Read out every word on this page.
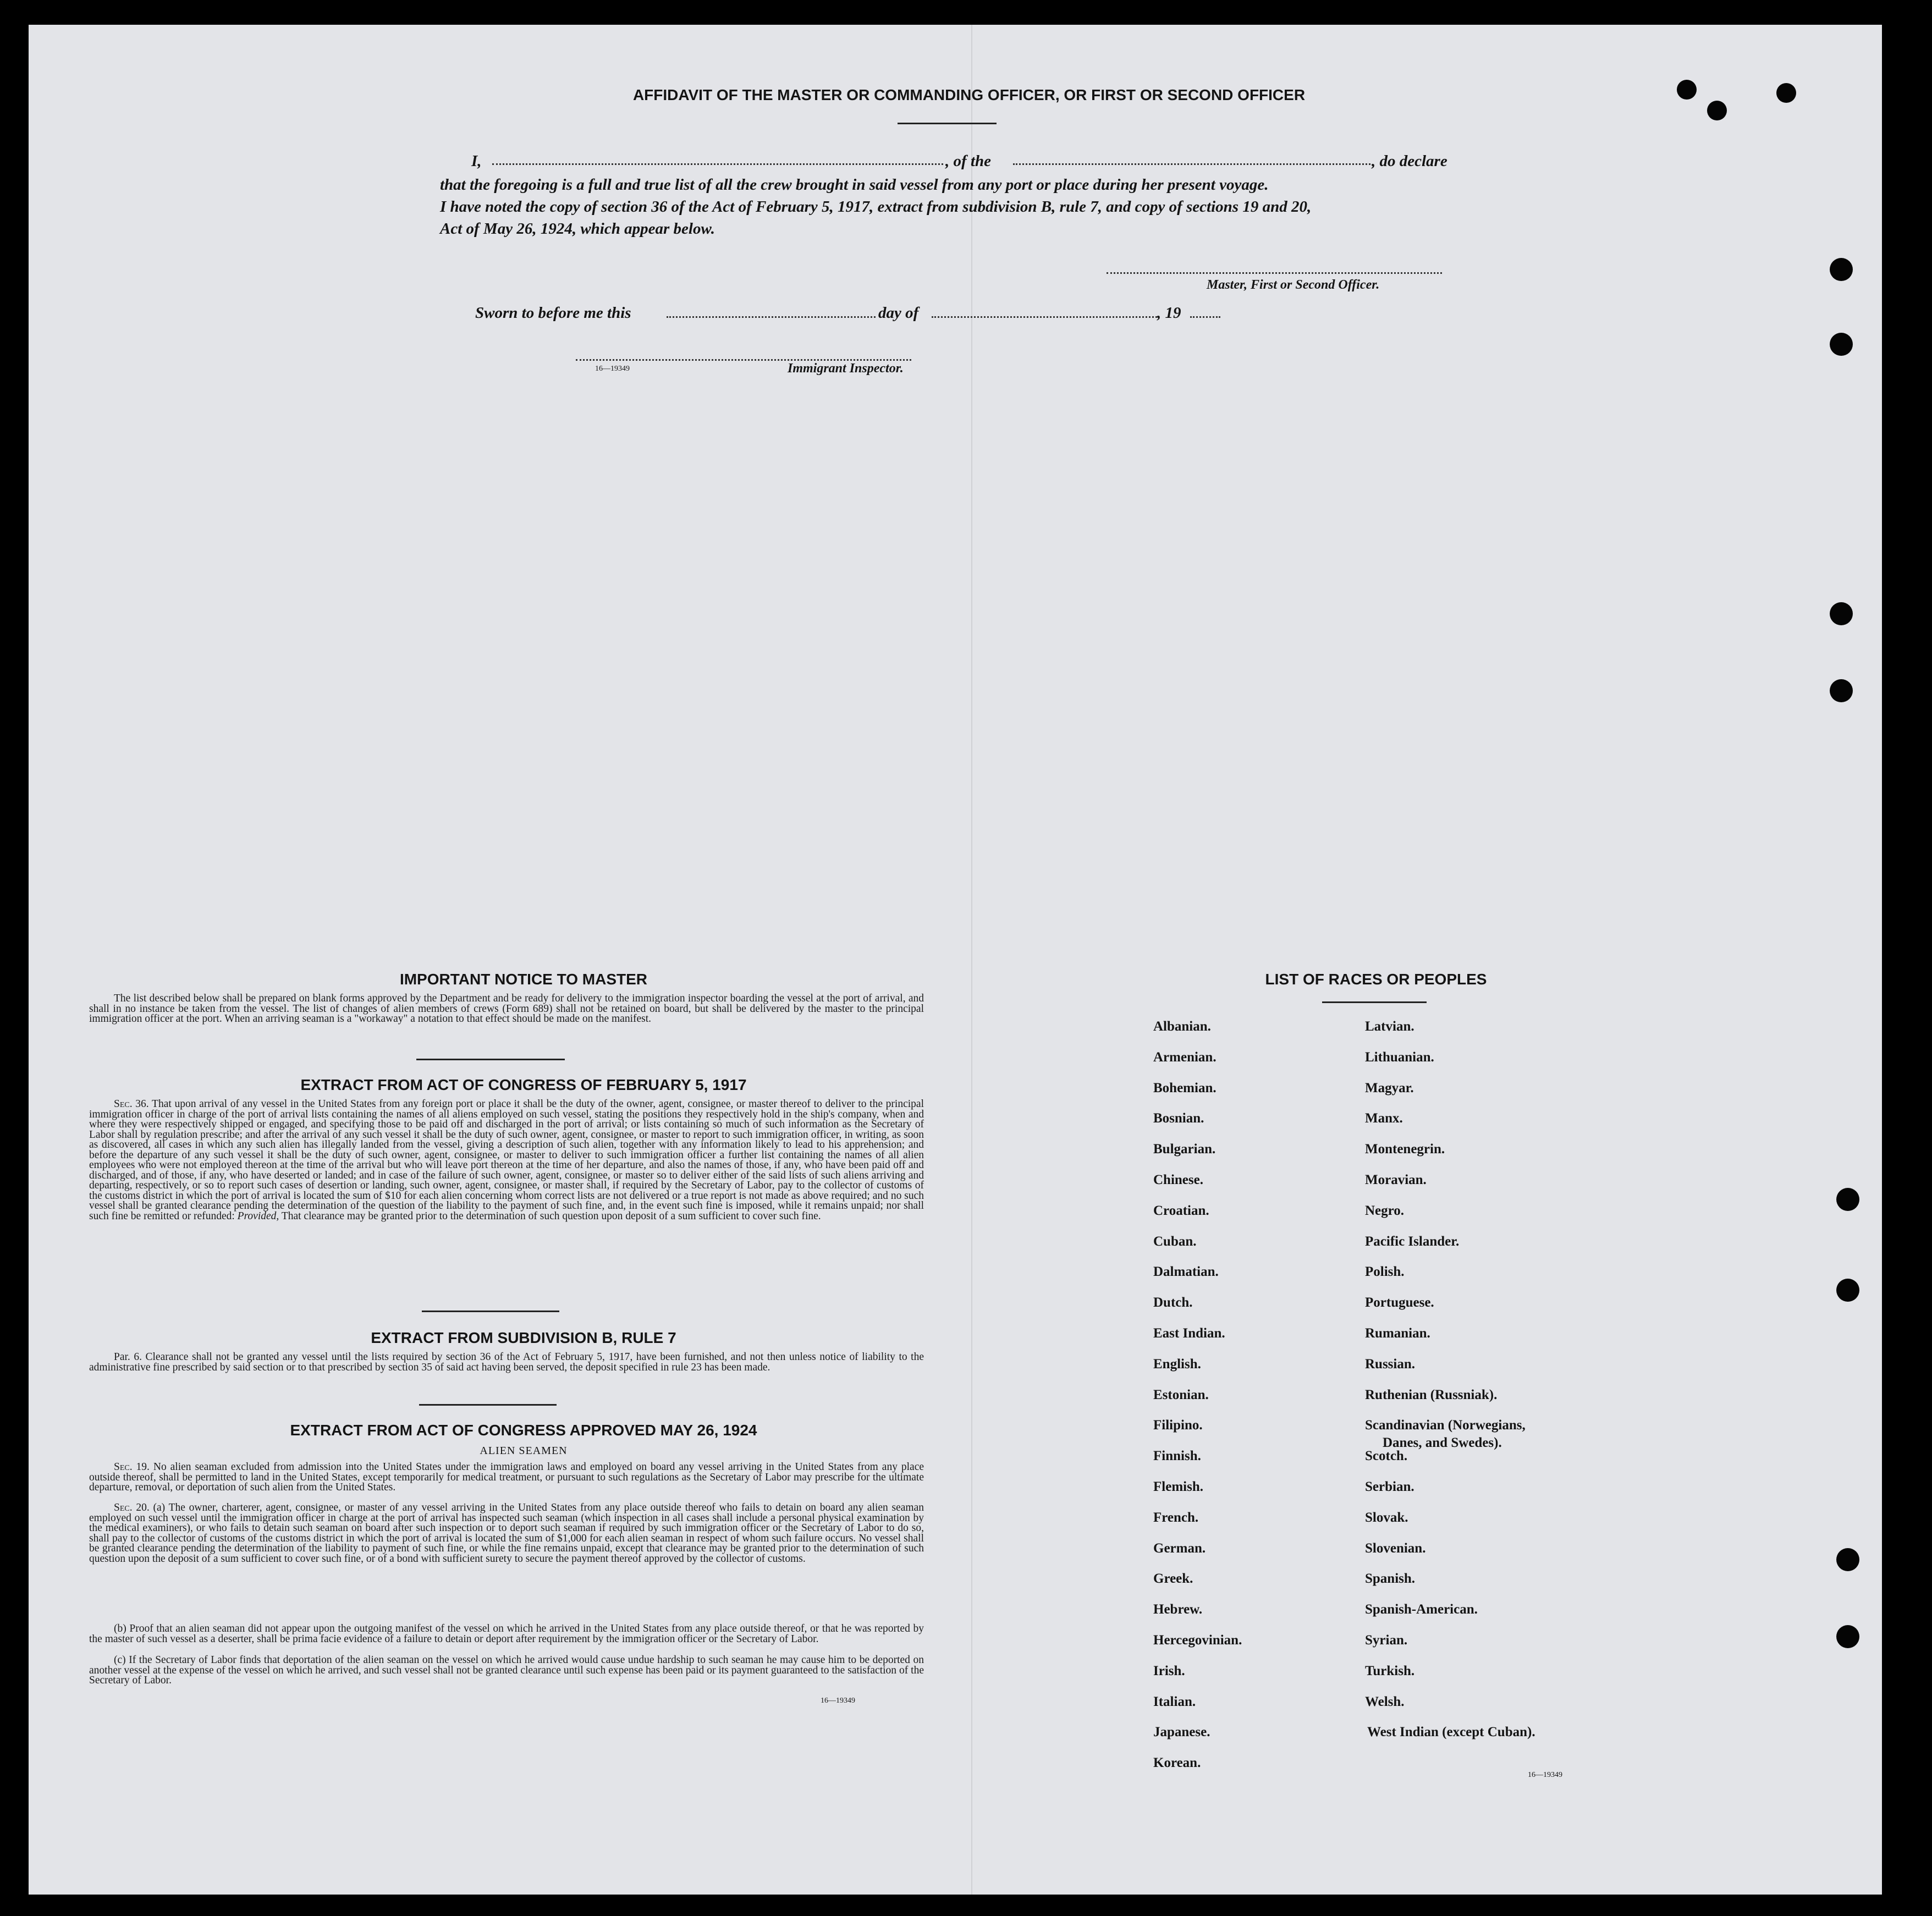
AFFIDAVIT OF THE MASTER OR COMMANDING OFFICER, OR FIRST OR SECOND OFFICER
I,	, of the	, do declare
that the foregoing is a full and true list of all the crew brought in said vessel from any port or place during her present voyage.
I have noted the copy of section 36 of the Act of February 5, 1917, extract from subdivision B, rule 7, and copy of sections 19 and 20,
Act of May 26, 1924, which appear below.
Master, First or Second Officer.
Sworn to before me this	day of	, 19
16—19349	Immigrant Inspector.
IMPORTANT NOTICE TO MASTER
The list described below shall be prepared on blank forms approved by the Department and be ready for delivery to the immigration inspector boarding the vessel at the port of arrival, and shall in no instance be taken from the vessel. The list of changes of alien members of crews (Form 689) shall not be retained on board, but shall be delivered by the master to the principal immigration officer at the port. When an arriving seaman is a "workaway" a notation to that effect should be made on the manifest.
EXTRACT FROM ACT OF CONGRESS OF FEBRUARY 5, 1917
Sec. 36. That upon arrival of any vessel in the United States from any foreign port or place it shall be the duty of the owner, agent, consignee, or master thereof to deliver to the principal immigration officer in charge of the port of arrival lists containing the names of all aliens employed on such vessel, stating the positions they respectively hold in the ship's company, when and where they were respectively shipped or engaged, and specifying those to be paid off and discharged in the port of arrival; or lists containing so much of such information as the Secretary of Labor shall by regulation prescribe; and after the arrival of any such vessel it shall be the duty of such owner, agent, consignee, or master to report to such immigration officer, in writing, as soon as discovered, all cases in which any such alien has illegally landed from the vessel, giving a description of such alien, together with any information likely to lead to his apprehension; and before the departure of any such vessel it shall be the duty of such owner, agent, consignee, or master to deliver to such immigration officer a further list containing the names of all alien employees who were not employed thereon at the time of the arrival but who will leave port thereon at the time of her departure, and also the names of those, if any, who have been paid off and discharged, and of those, if any, who have deserted or landed; and in case of the failure of such owner, agent, consignee, or master so to deliver either of the said lists of such aliens arriving and departing, respectively, or so to report such cases of desertion or landing, such owner, agent, consignee, or master shall, if required by the Secretary of Labor, pay to the collector of customs of the customs district in which the port of arrival is located the sum of $10 for each alien concerning whom correct lists are not delivered or a true report is not made as above required; and no such vessel shall be granted clearance pending the determination of the question of the liability to the payment of such fine, and, in the event such fine is imposed, while it remains unpaid; nor shall such fine be remitted or refunded: Provided, That clearance may be granted prior to the determination of such question upon deposit of a sum sufficient to cover such fine.
EXTRACT FROM SUBDIVISION B, RULE 7
Par. 6. Clearance shall not be granted any vessel until the lists required by section 36 of the Act of February 5, 1917, have been furnished, and not then unless notice of liability to the administrative fine prescribed by said section or to that prescribed by section 35 of said act having been served, the deposit specified in rule 23 has been made.
EXTRACT FROM ACT OF CONGRESS APPROVED MAY 26, 1924
ALIEN SEAMEN
Sec. 19. No alien seaman excluded from admission into the United States under the immigration laws and employed on board any vessel arriving in the United States from any place outside thereof, shall be permitted to land in the United States, except temporarily for medical treatment, or pursuant to such regulations as the Secretary of Labor may prescribe for the ultimate departure, removal, or deportation of such alien from the United States.
Sec. 20. (a) The owner, charterer, agent, consignee, or master of any vessel arriving in the United States from any place outside thereof who fails to detain on board any alien seaman employed on such vessel until the immigration officer in charge at the port of arrival has inspected such seaman (which inspection in all cases shall include a personal physical examination by the medical examiners), or who fails to detain such seaman on board after such inspection or to deport such seaman if required by such immigration officer or the Secretary of Labor to do so, shall pay to the collector of customs of the customs district in which the port of arrival is located the sum of $1,000 for each alien seaman in respect of whom such failure occurs. No vessel shall be granted clearance pending the determination of the liability to payment of such fine, or while the fine remains unpaid, except that clearance may be granted prior to the determination of such question upon the deposit of a sum sufficient to cover such fine, or of a bond with sufficient surety to secure the payment thereof approved by the collector of customs.
(b) Proof that an alien seaman did not appear upon the outgoing manifest of the vessel on which he arrived in the United States from any place outside thereof, or that he was reported by the master of such vessel as a deserter, shall be prima facie evidence of a failure to detain or deport after requirement by the immigration officer or the Secretary of Labor.
(c) If the Secretary of Labor finds that deportation of the alien seaman on the vessel on which he arrived would cause undue hardship to such seaman he may cause him to be deported on another vessel at the expense of the vessel on which he arrived, and such vessel shall not be granted clearance until such expense has been paid or its payment guaranteed to the satisfaction of the Secretary of Labor.
16—19349
LIST OF RACES OR PEOPLES
16—19349
Albanian.
Armenian.
Bohemian.
Bosnian.
Bulgarian.
Chinese.
Croatian.
Cuban.
Dalmatian.
Dutch.
East Indian.
English.
Estonian.
Filipino.
Finnish.
Flemish.
French.
German.
Greek.
Hebrew.
Hercegovinian.
Irish.
Italian.
Japanese.
Korean.
Latvian.
Lithuanian.
Magyar.
Manx.
Montenegrin.
Moravian.
Negro.
Pacific Islander.
Polish.
Portuguese.
Rumanian.
Russian.
Ruthenian (Russniak).
Scandinavian (Norwegians,
Danes, and Swedes).
Scotch.
Serbian.
Slovak.
Slovenian.
Spanish.
Spanish-American.
Syrian.
Turkish.
Welsh.
West Indian (except Cuban).
